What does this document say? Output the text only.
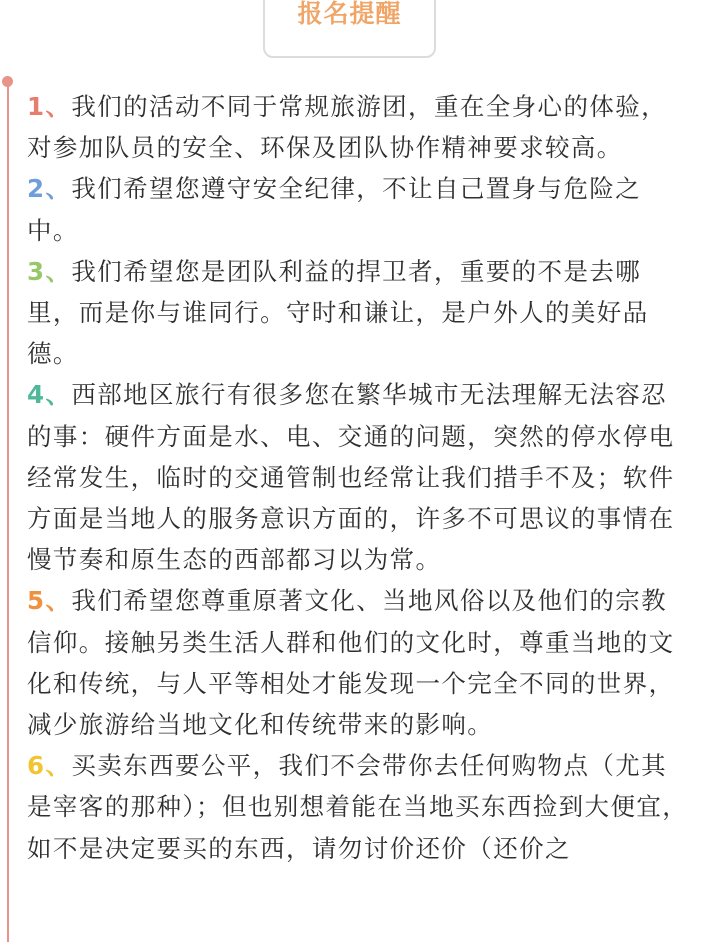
报名提醒

1、我们的活动不同于常规旅游团，重在全身心的体验，对参加队员的安全、环保及团队协作精神要求较高。

2、我们希望您遵守安全纪律，不让自己置身与危险之中。

3、我们希望您是团队利益的捍卫者，重要的不是去哪里，而是你与谁同行。守时和谦让，是户外人的美好品德。

4、西部地区旅行有很多您在繁华城市无法理解无法容忍的事：硬件方面是水、电、交通的问题，突然的停水停电经常发生，临时的交通管制也经常让我们措手不及；软件方面是当地人的服务意识方面的，许多不可思议的事情在慢节奏和原生态的西部都习以为常。

5、我们希望您尊重原著文化、当地风俗以及他们的宗教信仰。接触另类生活人群和他们的文化时，尊重当地的文化和传统，与人平等相处才能发现一个完全不同的世界，减少旅游给当地文化和传统带来的影响。

6、买卖东西要公平，我们不会带你去任何购物点（尤其是宰客的那种）；但也别想着能在当地买东西捡到大便宜，如不是决定要买的东西，请勿讨价还价（还价之
